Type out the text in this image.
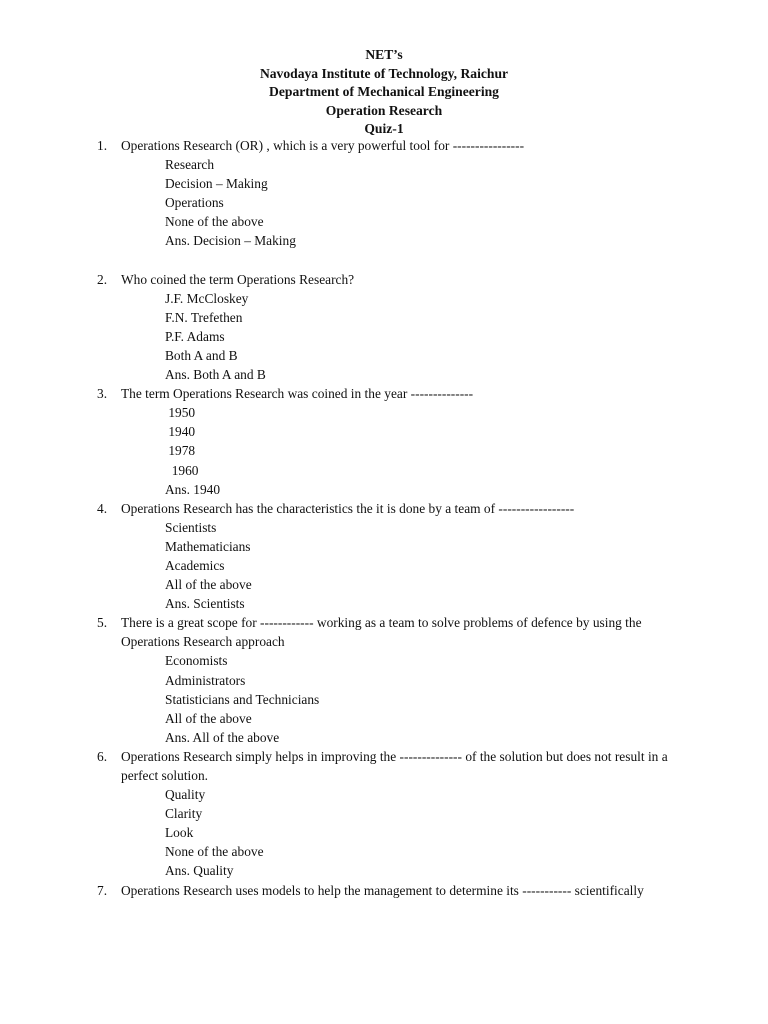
NET’s
Navodaya Institute of Technology, Raichur
Department of Mechanical Engineering
Operation Research
Quiz-1
1. Operations Research (OR) , which is a very powerful tool for ----------------
Research
Decision – Making
Operations
None of the above
Ans. Decision – Making
2. Who coined the term Operations Research?
J.F. McCloskey
F.N. Trefethen
P.F. Adams
Both A and B
Ans. Both A and B
3. The term Operations Research was coined in the year --------------
1950
1940
1978
1960
Ans. 1940
4. Operations Research has the characteristics the it is done by a team of -----------------
Scientists
Mathematicians
Academics
All of the above
Ans. Scientists
5. There is a great scope for ------------ working as a team to solve problems of defence by using the Operations Research approach
Economists
Administrators
Statisticians and Technicians
All of the above
Ans. All of the above
6. Operations Research simply helps in improving the -------------- of the solution but does not result in a perfect solution.
Quality
Clarity
Look
None of the above
Ans. Quality
7. Operations Research uses models to help the management to determine its ----------- scientifically
